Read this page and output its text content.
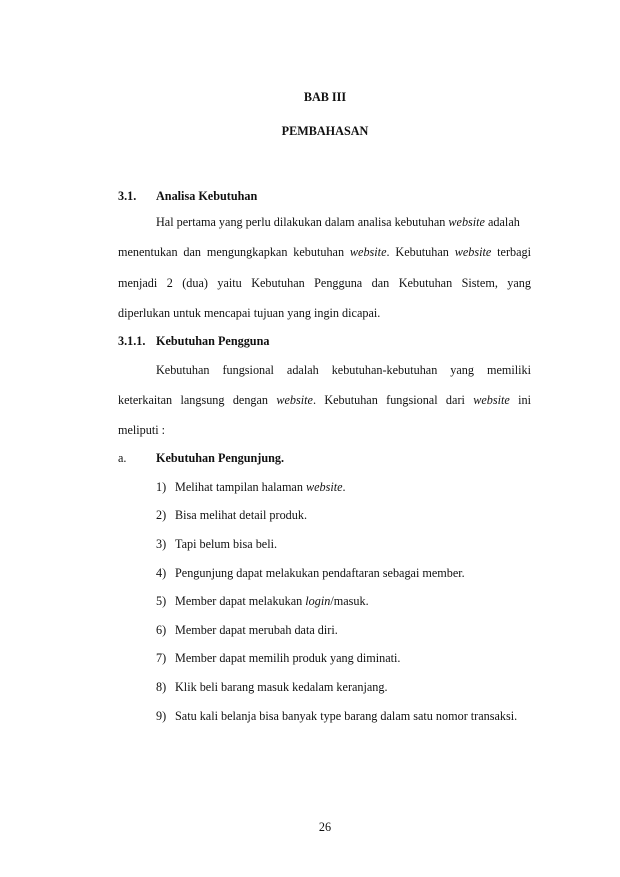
BAB III
PEMBAHASAN
3.1. Analisa Kebutuhan
Hal pertama yang perlu dilakukan dalam analisa kebutuhan website adalah
menentukan dan mengungkapkan kebutuhan website. Kebutuhan website terbagi
menjadi 2 (dua) yaitu Kebutuhan Pengguna dan Kebutuhan Sistem, yang
diperlukan untuk mencapai tujuan yang ingin dicapai.
3.1.1. Kebutuhan Pengguna
Kebutuhan fungsional adalah kebutuhan-kebutuhan yang memiliki
keterkaitan langsung dengan website. Kebutuhan fungsional dari website ini
meliputi :
a. Kebutuhan Pengunjung.
1) Melihat tampilan halaman website.
2) Bisa melihat detail produk.
3) Tapi belum bisa beli.
4) Pengunjung dapat melakukan pendaftaran sebagai member.
5) Member dapat melakukan login/masuk.
6) Member dapat merubah data diri.
7) Member dapat memilih produk yang diminati.
8) Klik beli barang masuk kedalam keranjang.
9) Satu kali belanja bisa banyak type barang dalam satu nomor transaksi.
26
